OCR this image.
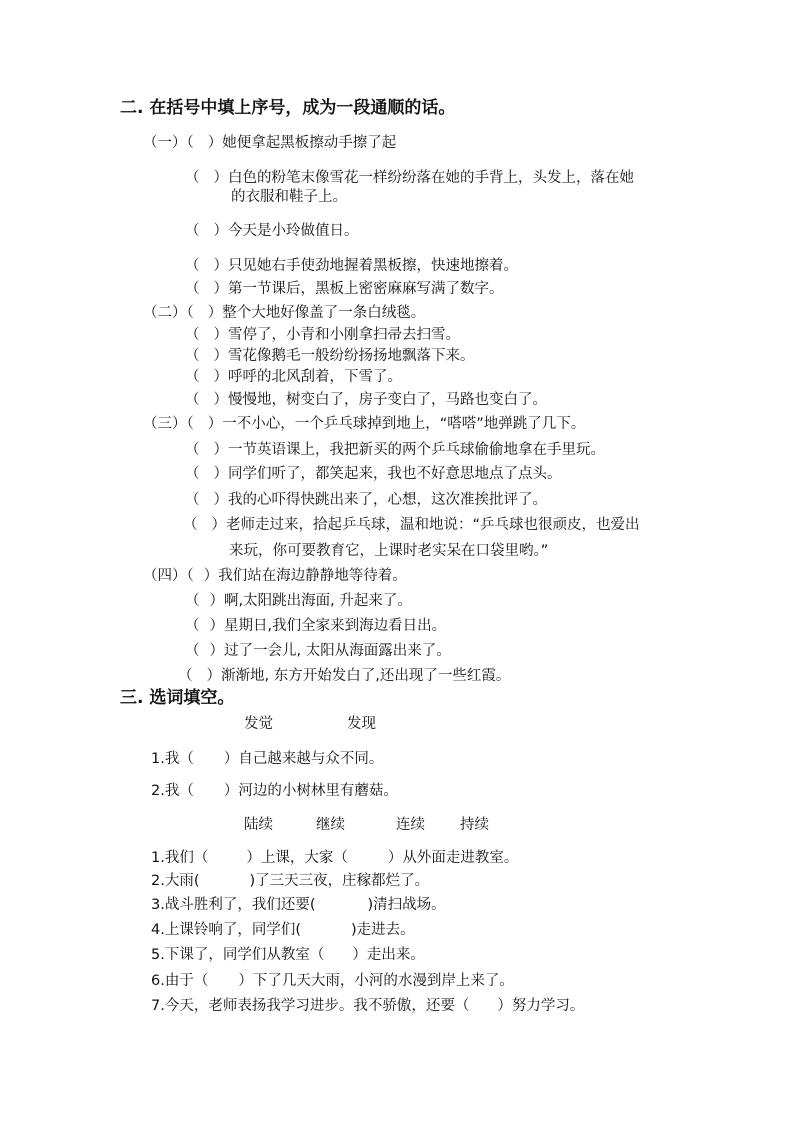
二. 在括号中填上序号，成为一段通顺的话。
（一）（ ）她便拿起黑板擦动手擦了起
（ ）白色的粉笔末像雪花一样纷纷落在她的手背上，头发上，落在她
的衣服和鞋子上。
（ ）今天是小玲做值日。
（ ）只见她右手使劲地握着黑板擦，快速地擦着。
（ ）第一节课后，黑板上密密麻麻写满了数字。
（二）（ ）整个大地好像盖了一条白绒毯。
（ ）雪停了，小青和小刚拿扫帚去扫雪。
（ ）雪花像鹅毛一般纷纷扬扬地飘落下来。
（ ）呼呼的北风刮着，下雪了。
（ ）慢慢地，树变白了，房子变白了，马路也变白了。
（三）（ ）一不小心，一个乒乓球掉到地上，“嗒嗒”地弹跳了几下。
（ ）一节英语课上，我把新买的两个乒乓球偷偷地拿在手里玩。
（ ）同学们听了，都笑起来，我也不好意思地点了点头。
（ ）我的心吓得快跳出来了，心想，这次准挨批评了。
（ ）老师走过来，拾起乒乓球，温和地说：“乒乓球也很顽皮，也爱出
来玩，你可要教育它，上课时老实呆在口袋里哟。”
（四）（ ）我们站在海边静静地等待着。
（ ）啊,太阳跳出海面, 升起来了。
（ ）星期日,我们全家来到海边看日出。
（ ）过了一会儿, 太阳从海面露出来了。
（ ）渐渐地, 东方开始发白了,还出现了一些红霞。
三. 选词填空。
发觉	发现
1.我（ ）自己越来越与众不同。
2.我（ ）河边的小树林里有蘑菇。
陆续	继续	连续 持续
1.我们（	）上课，大家（	）从外面走进教室。
2.大雨(	)了三天三夜，庄稼都烂了。
3.战斗胜利了，我们还要(	)清扫战场。
4.上课铃响了，同学们(	)走进去。
5.下课了，同学们从教室（ ）走出来。
6.由于（ ）下了几天大雨，小河的水漫到岸上来了。
7.今天，老师表扬我学习进步。我不骄傲，还要（ ）努力学习。
